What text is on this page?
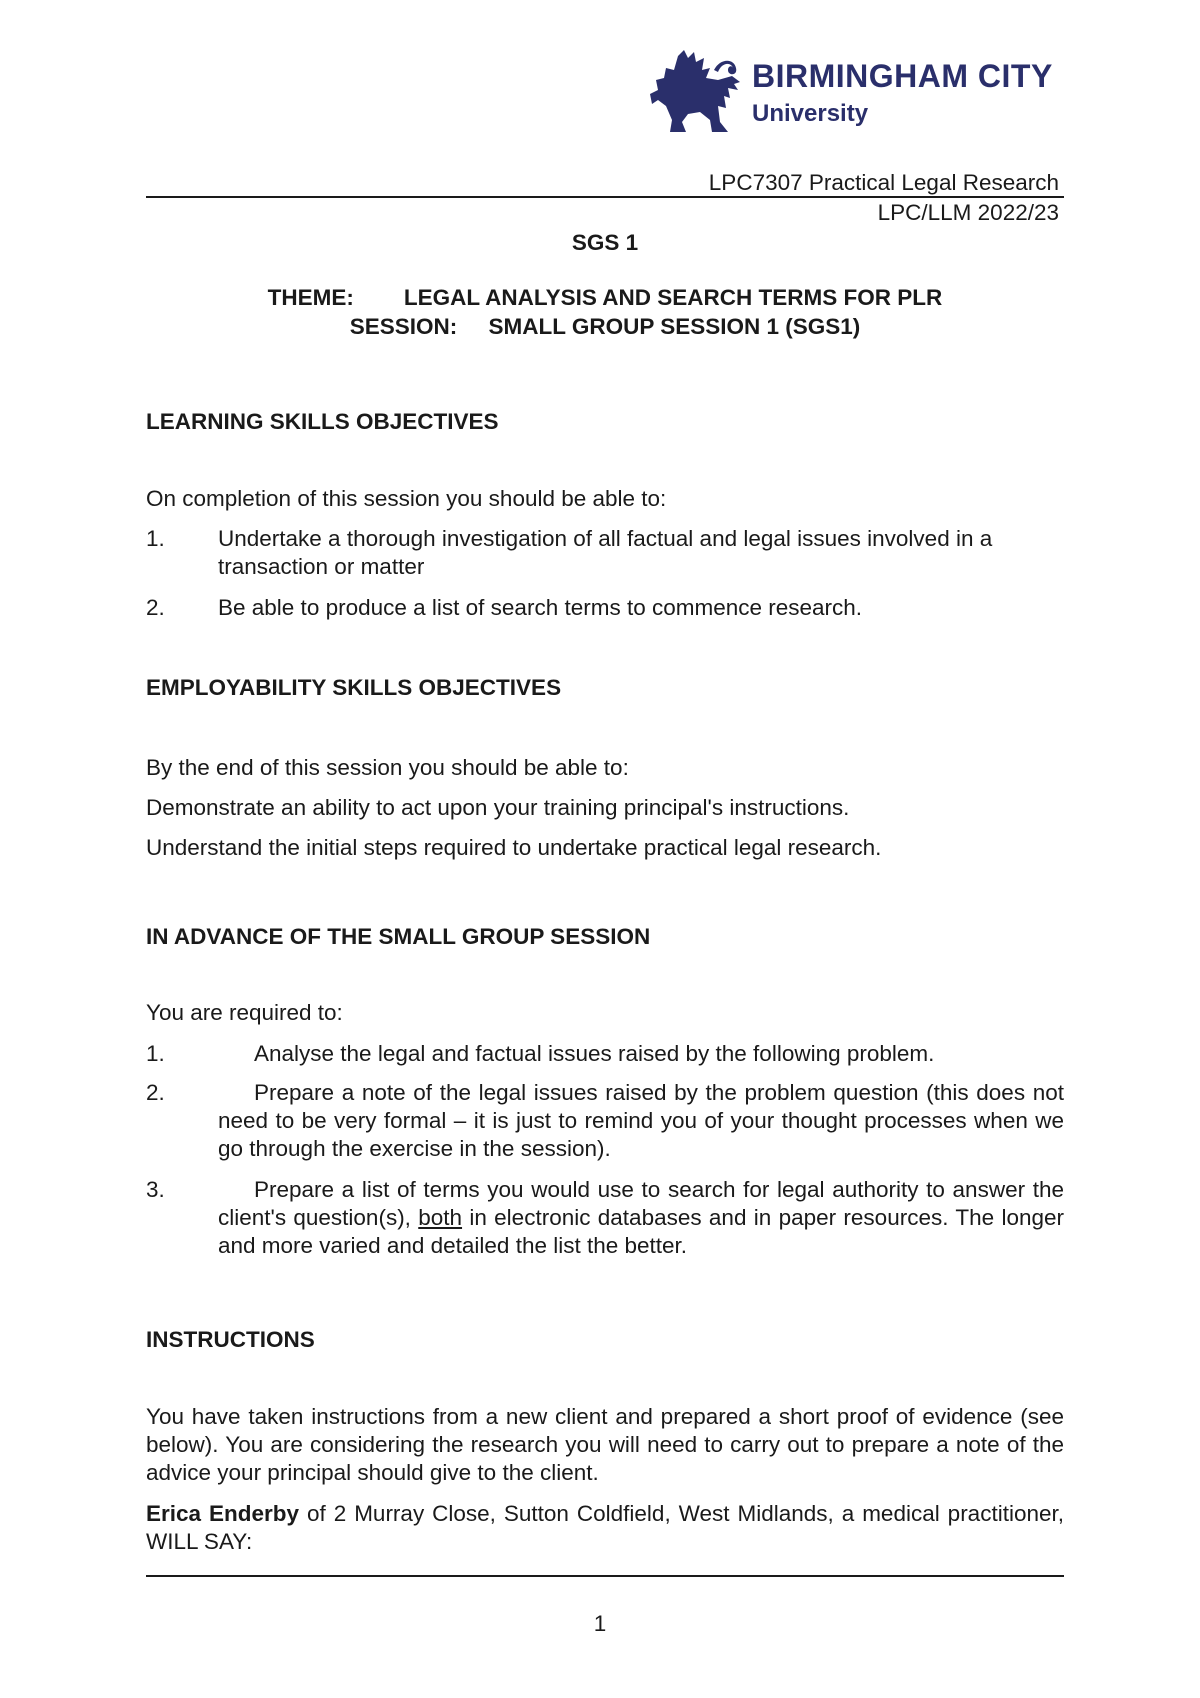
BIRMINGHAM CITY
University
LPC7307 Practical Legal Research
LPC/LLM 2022/23
SGS 1
THEME:        LEGAL ANALYSIS AND SEARCH TERMS FOR PLR
SESSION:     SMALL GROUP SESSION 1 (SGS1)
LEARNING SKILLS OBJECTIVES
On completion of this session you should be able to:
1. Undertake a thorough investigation of all factual and legal issues involved in a transaction or matter
2. Be able to produce a list of search terms to commence research.
EMPLOYABILITY SKILLS OBJECTIVES
By the end of this session you should be able to:
Demonstrate an ability to act upon your training principal's instructions.
Understand the initial steps required to undertake practical legal research.
IN ADVANCE OF THE SMALL GROUP SESSION
You are required to:
1.	Analyse the legal and factual issues raised by the following problem.
2.	Prepare a note of the legal issues raised by the problem question (this does not need to be very formal – it is just to remind you of your thought processes when we go through the exercise in the session).
3.	Prepare a list of terms you would use to search for legal authority to answer the client's question(s), both in electronic databases and in paper resources. The longer and more varied and detailed the list the better.
INSTRUCTIONS
You have taken instructions from a new client and prepared a short proof of evidence (see below). You are considering the research you will need to carry out to prepare a note of the advice your principal should give to the client.
Erica Enderby of 2 Murray Close, Sutton Coldfield, West Midlands, a medical practitioner, WILL SAY:
1
